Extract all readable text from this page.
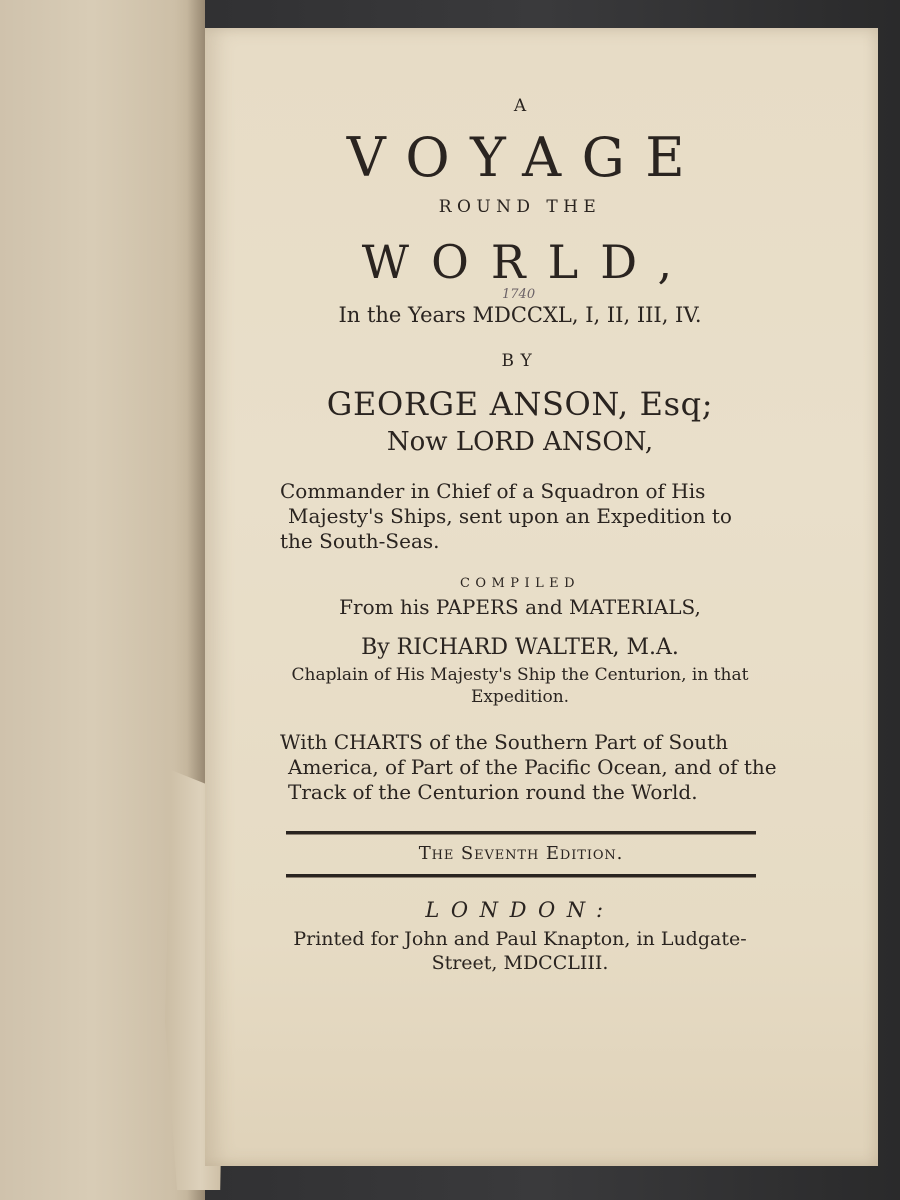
A
VOYAGE
ROUND THE
WORLD,
1740
In the Years MDCCXL, I, II, III, IV.
BY
GEORGE ANSON, Esq;
Now LORD ANSON,
Commander in Chief of a Squadron of His
Majesty's Ships, sent upon an Expedition to
the South-Seas.
COMPILED
From his PAPERS and MATERIALS,
By RICHARD WALTER, M.A.
Chaplain of His Majesty's Ship the Centurion, in that
Expedition.
With CHARTS of the Southern Part of South
America, of Part of the Pacific Ocean, and of the
Track of the Centurion round the World.
The Seventh Edition.
LONDON:
Printed for John and Paul Knapton, in Ludgate-
Street, MDCCLIII.
